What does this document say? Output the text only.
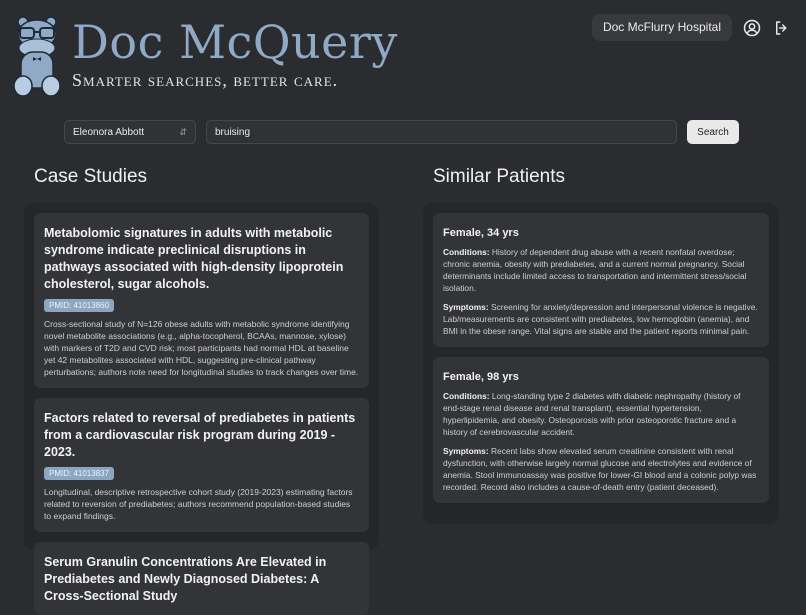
Doc McQuery
Smarter searches, better care.
Doc McFlurry Hospital
Eleonora Abbott	⇵
bruising	Search
Case Studies	Similar Patients
Metabolomic signatures in adults with metabolic syndrome indicate preclinical disruptions in pathways associated with high-density lipoprotein cholesterol, sugar alcohols.
PMID: 41013860
Cross-sectional study of N=126 obese adults with metabolic syndrome identifying novel metabolite associations (e.g., alpha-tocopherol, BCAAs, mannose, xylose) with markers of T2D and CVD risk; most participants had normal HDL at baseline yet 42 metabolites associated with HDL, suggesting pre-clinical pathway perturbations; authors note need for longitudinal studies to track changes over time.
Factors related to reversal of prediabetes in patients from a cardiovascular risk program during 2019 - 2023.
PMID: 41013837
Longitudinal, descriptive retrospective cohort study (2019-2023) estimating factors related to reversion of prediabetes; authors recommend population-based studies to expand findings.
Serum Granulin Concentrations Are Elevated in Prediabetes and Newly Diagnosed Diabetes: A Cross-Sectional Study
Female, 34 yrs
Conditions: History of dependent drug abuse with a recent nonfatal overdose; chronic anemia, obesity with prediabetes, and a current normal pregnancy. Social determinants include limited access to transportation and intermittent stress/social isolation.
Symptoms: Screening for anxiety/depression and interpersonal violence is negative. Lab/measurements are consistent with prediabetes, low hemoglobin (anemia), and BMI in the obese range. Vital signs are stable and the patient reports minimal pain.
Female, 98 yrs
Conditions: Long-standing type 2 diabetes with diabetic nephropathy (history of end-stage renal disease and renal transplant), essential hypertension, hyperlipidemia, and obesity. Osteoporosis with prior osteoporotic fracture and a history of cerebrovascular accident.
Symptoms: Recent labs show elevated serum creatinine consistent with renal dysfunction, with otherwise largely normal glucose and electrolytes and evidence of anemia. Stool immunoassay was positive for lower-GI blood and a colonic polyp was recorded. Record also includes a cause-of-death entry (patient deceased).
